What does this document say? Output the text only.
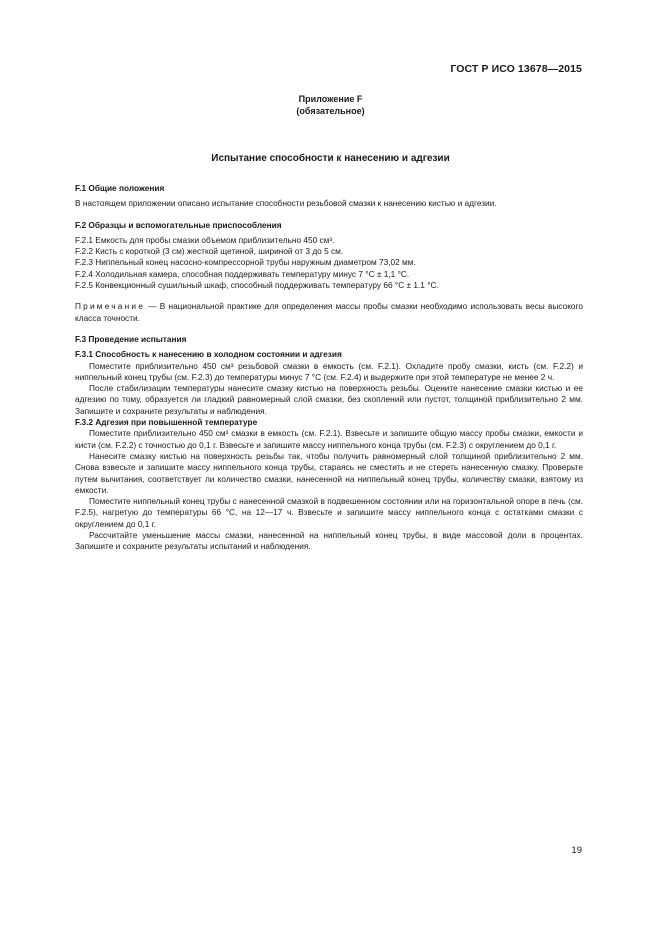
ГОСТ Р ИСО 13678—2015
Приложение F
(обязательное)
Испытание способности к нанесению и адгезии

F.1 Общие положения

В настоящем приложении описано испытание способности резьбовой смазки к нанесению кистью и адгезии.

F.2 Образцы и вспомогательные приспособления

F.2.1 Емкость для пробы смазки объемом приблизительно 450 см³.

F.2.2 Кисть с короткой (3 см) жесткой щетиной, шириной от 3 до 5 см.

F.2.3 Ниппельный конец насосно-компрессорной трубы наружным диаметром 73,02 мм.

F.2.4 Холодильная камера, способная поддерживать температуру минус 7 °С ± 1,1 °С.

F.2.5 Конвекционный сушильный шкаф, способный поддерживать температуру 66 °С ± 1.1 °С.

Примечание — В национальной практике для определения массы пробы смазки необходимо использовать весы высокого класса точности.

F.3 Проведение испытания

F.3.1 Способность к нанесению в холодном состоянии и адгезия

Поместите приблизительно 450 см³ резьбовой смазки в емкость (см. F.2.1). Охладите пробу смазки, кисть (см. F.2.2) и ниппельный конец трубы (см. F.2.3) до температуры минус 7 °С (см. F.2.4) и выдержите при этой температуре не менее 2 ч.

После стабилизации температуры нанесите смазку кистью на поверхность резьбы. Оцените нанесение смазки кистью и ее адгезию по тому, образуется ли гладкий равномерный слой смазки, без скоплений или пустот, толщиной приблизительно 2 мм. Запишите и сохраните результаты и наблюдения.

F.3.2 Адгезия при повышенной температуре

Поместите приблизительно 450 см³ смазки в емкость (см. F.2.1). Взвесьте и запишите общую массу пробы смазки, емкости и кисти (см. F.2.2) с точностью до 0,1 г. Взвесьте и запишите массу ниппельного конца трубы (см. F.2.3) с округлением до 0,1 г.

Нанесите смазку кистью на поверхность резьбы так, чтобы получить равномерный слой толщиной приблизительно 2 мм. Снова взвесьте и запишите массу ниппельного конца трубы, стараясь не сместить и не стереть нанесенную смазку. Проверьте путем вычитания, соответствует ли количество смазки, нанесенной на ниппельный конец трубы, количеству смазки, взятому из емкости.

Поместите ниппельный конец трубы с нанесенной смазкой в подвешенном состоянии или на горизонтальной опоре в печь (см. F.2.5), нагретую до температуры 66 °С, на 12—17 ч. Взвесьте и запишите массу ниппельного конца с остатками смазки с округлением до 0,1 г.

Рассчитайте уменьшение массы смазки, нанесенной на ниппельный конец трубы, в виде массовой доли в процентах. Запишите и сохраните результаты испытаний и наблюдения.

19
